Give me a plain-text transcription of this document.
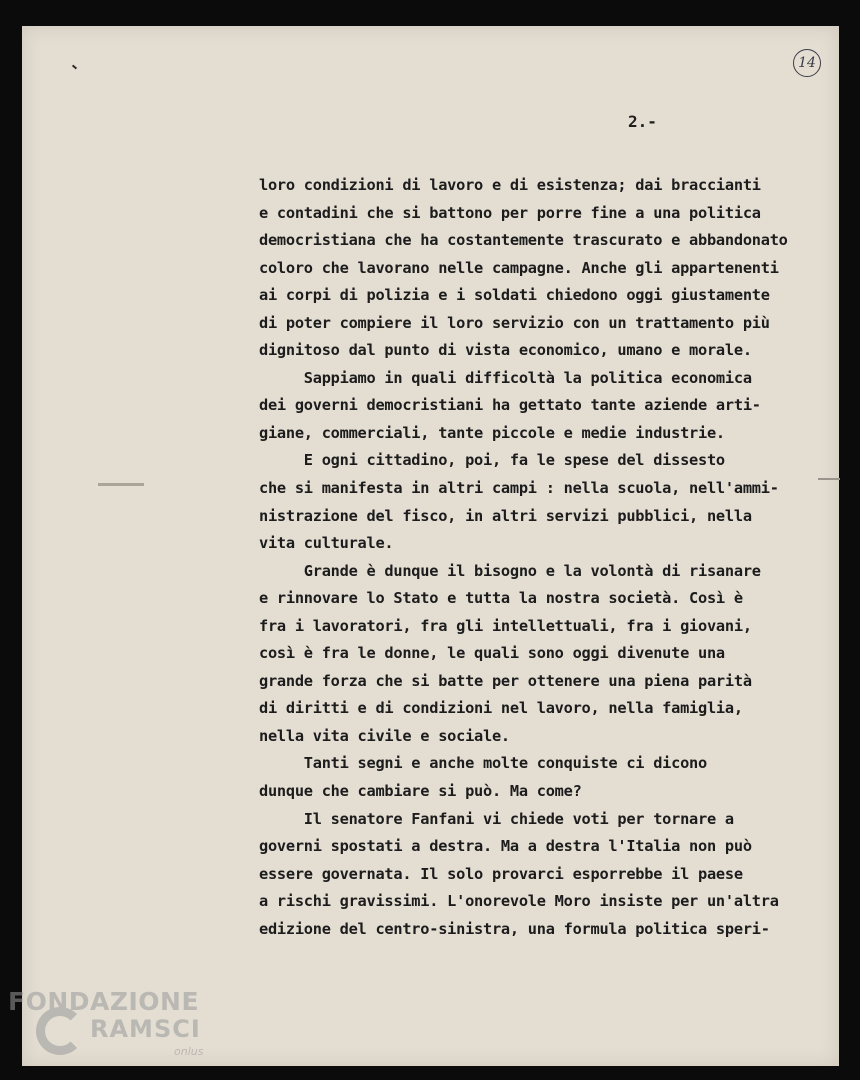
14
2.-
loro condizioni di lavoro e di esistenza; dai braccianti
e contadini che si battono per porre fine a una politica
democristiana che ha costantemente trascurato e abbandonato
coloro che lavorano nelle campagne. Anche gli appartenenti
ai corpi di polizia e i soldati chiedono oggi giustamente
di poter compiere il loro servizio con un trattamento più
dignitoso dal punto di vista economico, umano e morale.
Sappiamo in quali difficoltà la politica economica
dei governi democristiani ha gettato tante aziende arti-
giane, commerciali, tante piccole e medie industrie.
E ogni cittadino, poi, fa le spese del dissesto
che si manifesta in altri campi : nella scuola, nell'ammi-
nistrazione del fisco, in altri servizi pubblici, nella
vita culturale.
Grande è dunque il bisogno e la volontà di risanare
e rinnovare lo Stato e tutta la nostra società. Così è
fra i lavoratori, fra gli intellettuali, fra i giovani,
così è fra le donne, le quali sono oggi divenute una
grande forza che si batte per ottenere una piena parità
di diritti e di condizioni nel lavoro, nella famiglia,
nella vita civile e sociale.
Tanti segni e anche molte conquiste ci dicono
dunque che cambiare si può. Ma come?
Il senatore Fanfani vi chiede voti per tornare a
governi spostati a destra. Ma a destra l'Italia non può
essere governata. Il solo provarci esporrebbe il paese
a rischi gravissimi. L'onorevole Moro insiste per un'altra
edizione del centro-sinistra, una formula politica speri-
FONDAZIONE
RAMSCI
onlus
